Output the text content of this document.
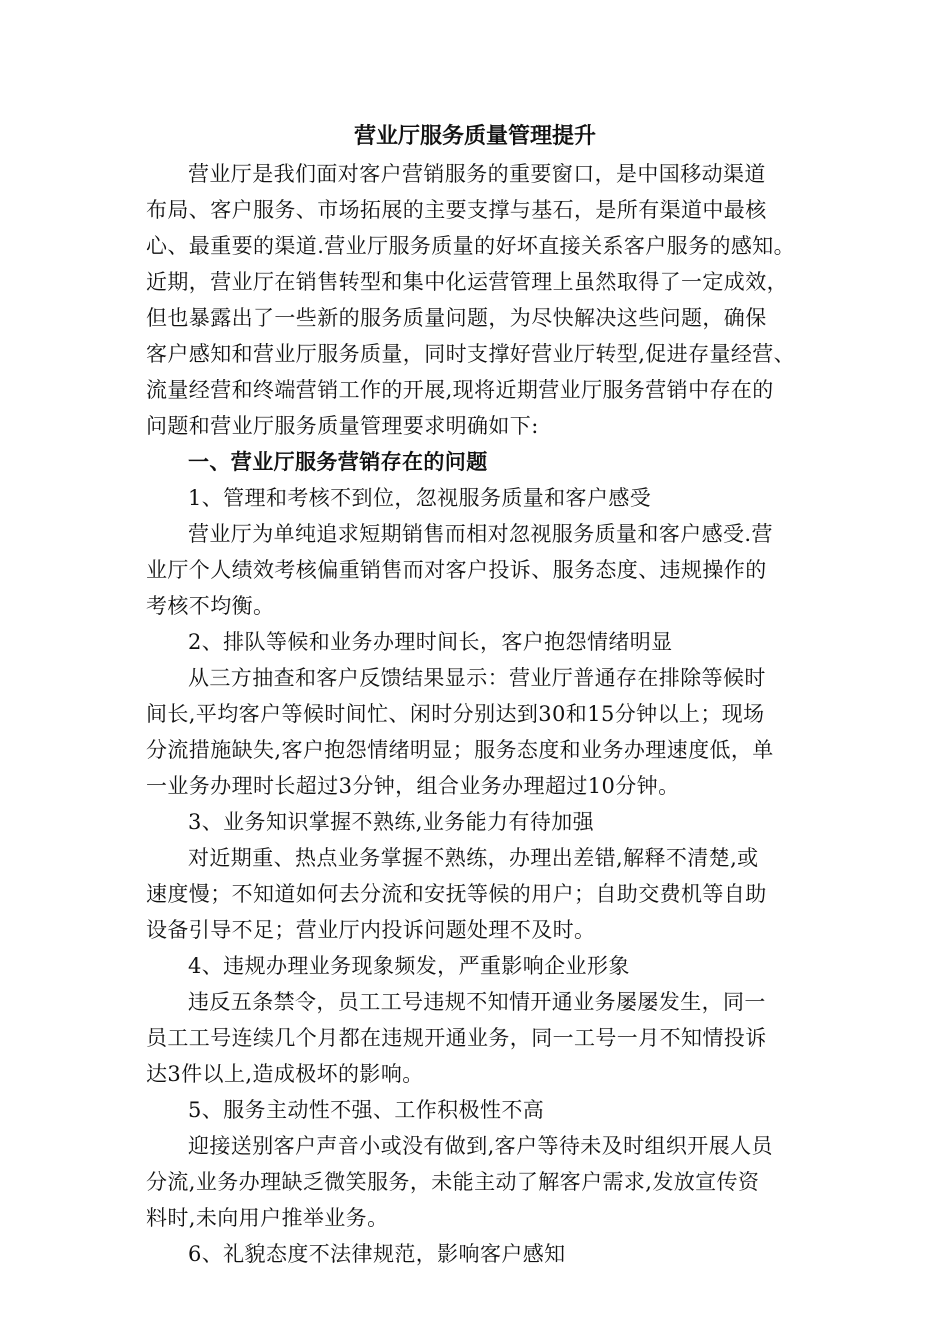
营业厅服务质量管理提升
营业厅是我们面对客户营销服务的重要窗口，是中国移动渠道
布局、客户服务、市场拓展的主要支撑与基石，是所有渠道中最核
心、最重要的渠道.营业厅服务质量的好坏直接关系客户服务的感知。
近期，营业厅在销售转型和集中化运营管理上虽然取得了一定成效，
但也暴露出了一些新的服务质量问题，为尽快解决这些问题，确保
客户感知和营业厅服务质量，同时支撑好营业厅转型,促进存量经营、
流量经营和终端营销工作的开展,现将近期营业厅服务营销中存在的
问题和营业厅服务质量管理要求明确如下:
一、营业厅服务营销存在的问题
1、管理和考核不到位，忽视服务质量和客户感受
营业厅为单纯追求短期销售而相对忽视服务质量和客户感受.营
业厅个人绩效考核偏重销售而对客户投诉、服务态度、违规操作的
考核不均衡。
2、排队等候和业务办理时间长，客户抱怨情绪明显
从三方抽查和客户反馈结果显示：营业厅普通存在排除等候时
间长,平均客户等候时间忙、闲时分别达到30和15分钟以上；现场
分流措施缺失,客户抱怨情绪明显；服务态度和业务办理速度低，单
一业务办理时长超过3分钟，组合业务办理超过10分钟。
3、业务知识掌握不熟练,业务能力有待加强
对近期重、热点业务掌握不熟练，办理出差错,解释不清楚,或
速度慢；不知道如何去分流和安抚等候的用户；自助交费机等自助
设备引导不足；营业厅内投诉问题处理不及时。
4、违规办理业务现象频发，严重影响企业形象
违反五条禁令，员工工号违规不知情开通业务屡屡发生，同一
员工工号连续几个月都在违规开通业务，同一工号一月不知情投诉
达3件以上,造成极坏的影响。
5、服务主动性不强、工作积极性不高
迎接送别客户声音小或没有做到,客户等待未及时组织开展人员
分流,业务办理缺乏微笑服务，未能主动了解客户需求,发放宣传资
料时,未向用户推举业务。
6、礼貌态度不法律规范，影响客户感知
